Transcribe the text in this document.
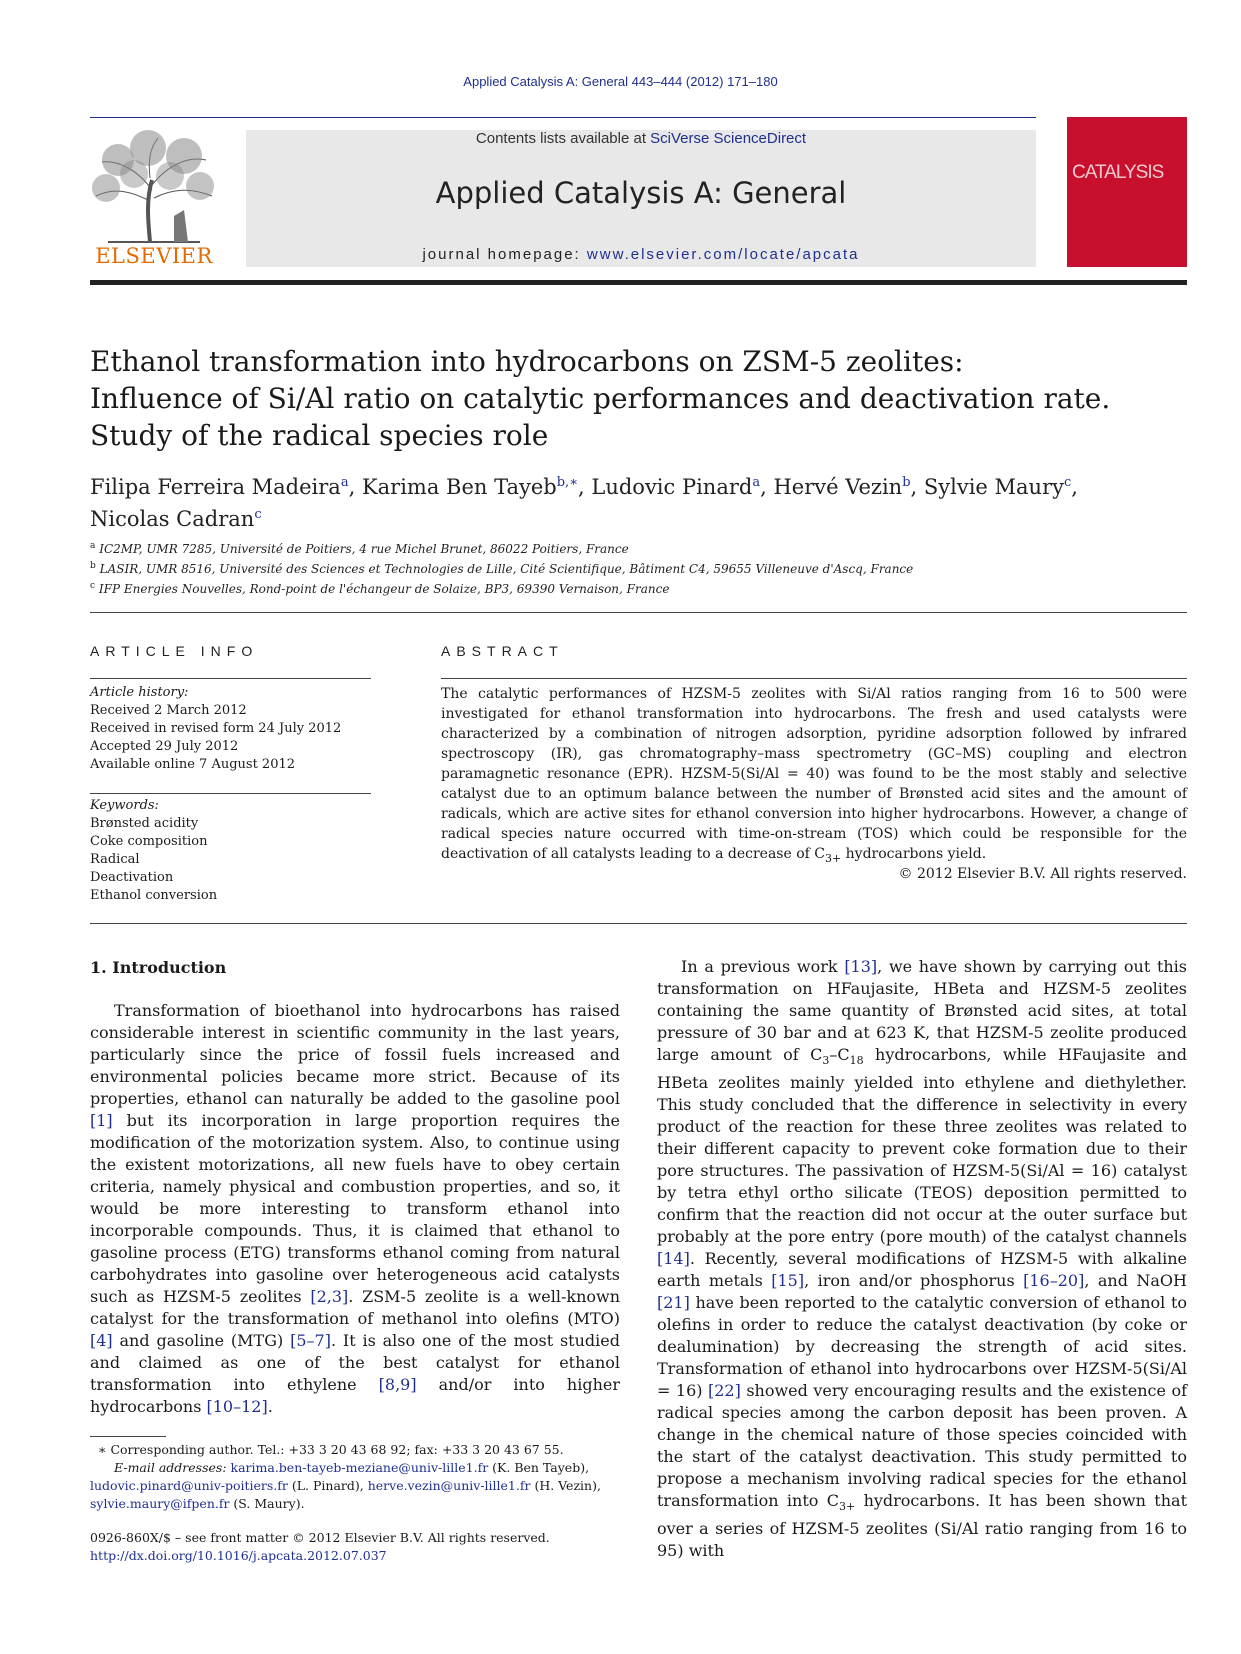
Applied Catalysis A: General 443–444 (2012) 171–180
ELSEVIER
Contents lists available at SciVerse ScienceDirect
Applied Catalysis A: General
journal homepage: www.elsevier.com/locate/apcata
CATALYSIS
Ethanol transformation into hydrocarbons on ZSM-5 zeolites:
Influence of Si/Al ratio on catalytic performances and deactivation rate.
Study of the radical species role
Filipa Ferreira Madeira$^a$, Karima Ben Tayeb$^{b,∗}$, Ludovic Pinard$^a$, Hervé Vezin$^b$, Sylvie Maury$^c$,
Nicolas Cadran$^c$
$^a$ IC2MP, UMR 7285, Université de Poitiers, 4 rue Michel Brunet, 86022 Poitiers, France
$^b$ LASIR, UMR 8516, Université des Sciences et Technologies de Lille, Cité Scientifique, Bâtiment C4, 59655 Villeneuve d'Ascq, France
$^c$ IFP Energies Nouvelles, Rond-point de l'échangeur de Solaize, BP3, 69390 Vernaison, France
ARTICLE INFO	ABSTRACT
Article history:
Received 2 March 2012
Received in revised form 24 July 2012
Accepted 29 July 2012
Available online 7 August 2012
Keywords:
Brønsted acidity
Coke composition
Radical
Deactivation
Ethanol conversion
The catalytic performances of HZSM-5 zeolites with Si/Al ratios ranging from 16 to 500 were investigated for ethanol transformation into hydrocarbons. The fresh and used catalysts were characterized by a combination of nitrogen adsorption, pyridine adsorption followed by infrared spectroscopy (IR), gas chromatography–mass spectrometry (GC–MS) coupling and electron paramagnetic resonance (EPR). HZSM-5(Si/Al = 40) was found to be the most stably and selective catalyst due to an optimum balance between the number of Brønsted acid sites and the amount of radicals, which are active sites for ethanol conversion into higher hydrocarbons. However, a change of radical species nature occurred with time-on-stream (TOS) which could be responsible for the deactivation of all catalysts leading to a decrease of $C_{3+}$ hydrocarbons yield.
© 2012 Elsevier B.V. All rights reserved.
1. Introduction
Transformation of bioethanol into hydrocarbons has raised considerable interest in scientific community in the last years, particularly since the price of fossil fuels increased and environmental policies became more strict. Because of its properties, ethanol can naturally be added to the gasoline pool [1] but its incorporation in large proportion requires the modification of the motorization system. Also, to continue using the existent motorizations, all new fuels have to obey certain criteria, namely physical and combustion properties, and so, it would be more interesting to transform ethanol into incorporable compounds. Thus, it is claimed that ethanol to gasoline process (ETG) transforms ethanol coming from natural carbohydrates into gasoline over heterogeneous acid catalysts such as HZSM-5 zeolites [2,3]. ZSM-5 zeolite is a well-known catalyst for the transformation of methanol into olefins (MTO) [4] and gasoline (MTG) [5–7]. It is also one of the most studied and claimed as one of the best catalyst for ethanol transformation into ethylene [8,9] and/or into higher hydrocarbons [10–12].
In a previous work [13], we have shown by carrying out this transformation on HFaujasite, HBeta and HZSM-5 zeolites containing the same quantity of Brønsted acid sites, at total pressure of 30 bar and at 623 K, that HZSM-5 zeolite produced large amount of $C_3-C_{18}$ hydrocarbons, while HFaujasite and HBeta zeolites mainly yielded into ethylene and diethylether. This study concluded that the difference in selectivity in every product of the reaction for these three zeolites was related to their different capacity to prevent coke formation due to their pore structures. The passivation of HZSM-5(Si/Al = 16) catalyst by tetra ethyl ortho silicate (TEOS) deposition permitted to confirm that the reaction did not occur at the outer surface but probably at the pore entry (pore mouth) of the catalyst channels [14]. Recently, several modifications of HZSM-5 with alkaline earth metals [15], iron and/or phosphorus [16–20], and NaOH [21] have been reported to the catalytic conversion of ethanol to olefins in order to reduce the catalyst deactivation (by coke or dealumination) by decreasing the strength of acid sites. Transformation of ethanol into hydrocarbons over HZSM-5(Si/Al = 16) [22] showed very encouraging results and the existence of radical species among the carbon deposit has been proven. A change in the chemical nature of those species coincided with the start of the catalyst deactivation. This study permitted to propose a mechanism involving radical species for the ethanol transformation into $C_{3+}$ hydrocarbons. It has been shown that over a series of HZSM-5 zeolites (Si/Al ratio ranging from 16 to 95) with
∗ Corresponding author. Tel.: +33 3 20 43 68 92; fax: +33 3 20 43 67 55.
E-mail addresses: karima.ben-tayeb-meziane@univ-lille1.fr (K. Ben Tayeb),
ludovic.pinard@univ-poitiers.fr (L. Pinard), herve.vezin@univ-lille1.fr (H. Vezin),
sylvie.maury@ifpen.fr (S. Maury).
0926-860X/$ – see front matter © 2012 Elsevier B.V. All rights reserved.
http://dx.doi.org/10.1016/j.apcata.2012.07.037
